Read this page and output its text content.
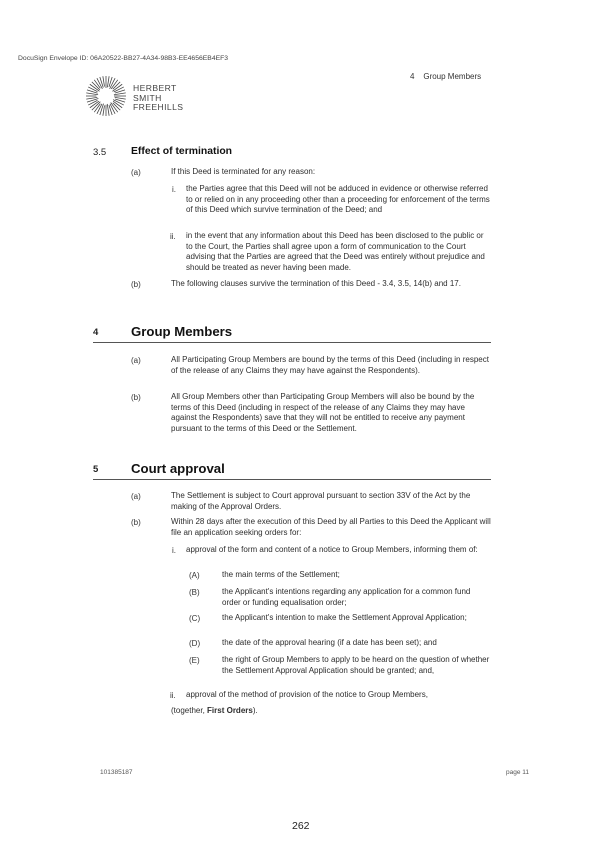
DocuSign Envelope ID: 06A20522-BB27-4A34-98B3-EE4656EB4EF3
4 Group Members
HERBERT
SMITH
FREEHILLS
3.5 Effect of termination
(a)	If this Deed is terminated for any reason:
i. the Parties agree that this Deed will not be adduced in evidence or otherwise referred to or relied on in any proceeding other than a proceeding for enforcement of the terms of this Deed which survive termination of the Deed; and
ii. in the event that any information about this Deed has been disclosed to the public or to the Court, the Parties shall agree upon a form of communication to the Court advising that the Parties are agreed that the Deed was entirely without prejudice and should be treated as never having been made.
(b)	The following clauses survive the termination of this Deed - 3.4, 3.5, 14(b) and 17.
4 Group Members
(a)	All Participating Group Members are bound by the terms of this Deed (including in respect of the release of any Claims they may have against the Respondents).
(b)	All Group Members other than Participating Group Members will also be bound by the terms of this Deed (including in respect of the release of any Claims they may have against the Respondents) save that they will not be entitled to receive any payment pursuant to the terms of this Deed or the Settlement.
5 Court approval
(a)	The Settlement is subject to Court approval pursuant to section 33V of the Act by the making of the Approval Orders.
(b)	Within 28 days after the execution of this Deed by all Parties to this Deed the Applicant will file an application seeking orders for:
i. approval of the form and content of a notice to Group Members, informing them of:
(A)	the main terms of the Settlement;
(B)	the Applicant's intentions regarding any application for a common fund order or funding equalisation order;
(C)	the Applicant's intention to make the Settlement Approval Application;
(D)	the date of the approval hearing (if a date has been set); and
(E)	the right of Group Members to apply to be heard on the question of whether the Settlement Approval Application should be granted; and,
ii. approval of the method of provision of the notice to Group Members,
(together, First Orders).
101385187	page 11
262
